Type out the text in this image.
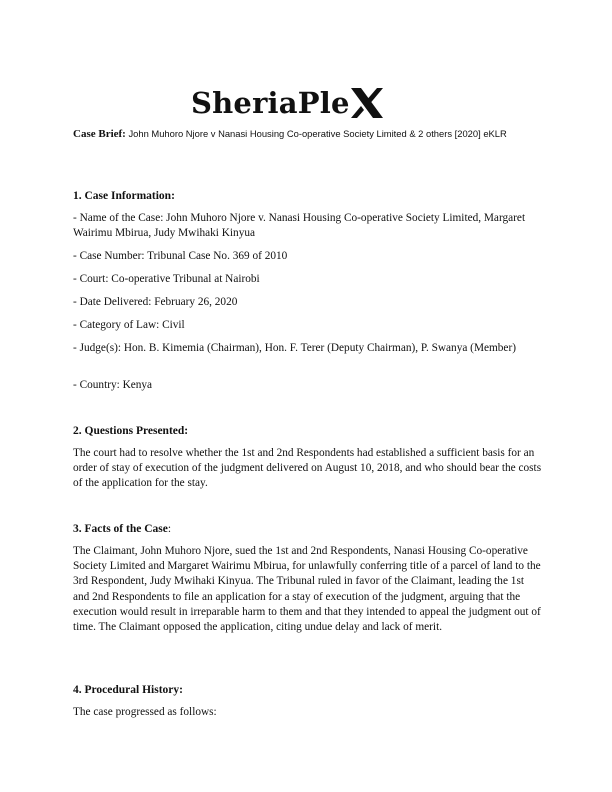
SheriaPle
Case Brief: John Muhoro Njore v Nanasi Housing Co-operative Society Limited & 2 others [2020] eKLR
1. Case Information:
- Name of the Case: John Muhoro Njore v. Nanasi Housing Co-operative Society Limited, Margaret Wairimu Mbirua, Judy Mwihaki Kinyua
- Case Number: Tribunal Case No. 369 of 2010
- Court: Co-operative Tribunal at Nairobi
- Date Delivered: February 26, 2020
- Category of Law: Civil
- Judge(s): Hon. B. Kimemia (Chairman), Hon. F. Terer (Deputy Chairman), P. Swanya (Member)
- Country: Kenya
2. Questions Presented:
The court had to resolve whether the 1st and 2nd Respondents had established a sufficient basis for an order of stay of execution of the judgment delivered on August 10, 2018, and who should bear the costs of the application for the stay.
3. Facts of the Case:
The Claimant, John Muhoro Njore, sued the 1st and 2nd Respondents, Nanasi Housing Co-operative Society Limited and Margaret Wairimu Mbirua, for unlawfully conferring title of a parcel of land to the 3rd Respondent, Judy Mwihaki Kinyua. The Tribunal ruled in favor of the Claimant, leading the 1st and 2nd Respondents to file an application for a stay of execution of the judgment, arguing that the execution would result in irreparable harm to them and that they intended to appeal the judgment out of time. The Claimant opposed the application, citing undue delay and lack of merit.
4. Procedural History:
The case progressed as follows:
